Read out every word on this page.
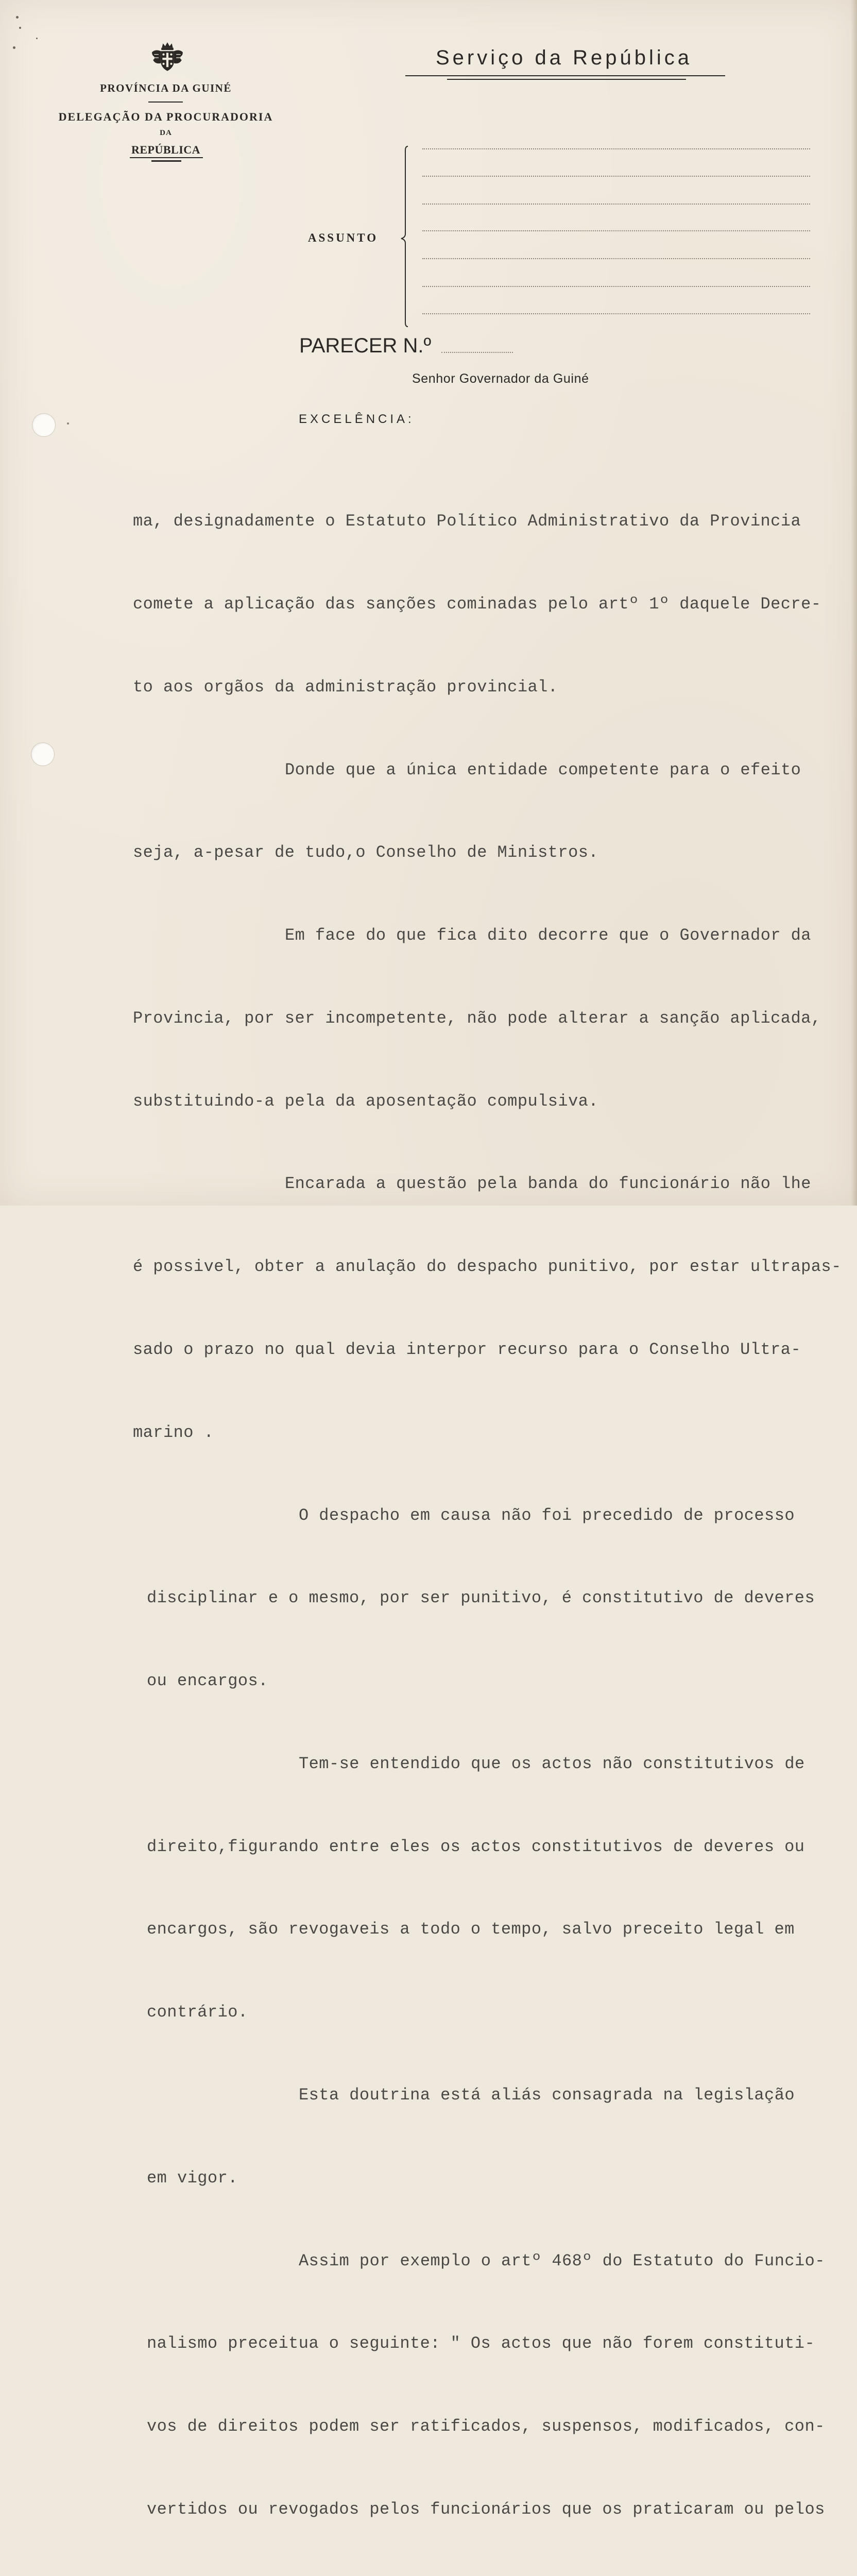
PROVÍNCIA DA GUINÉ
DELEGAÇÃO DA PROCURADORIA
DA
REPÚBLICA
Serviço da República
ASSUNTO
PARECER N.º
Senhor Governador da Guiné
EXCELÊNCIA:

ma, designadamente o Estatuto Político Administrativo da Provincia

comete a aplicação das sanções cominadas pelo artº 1º daquele Decre-

to aos orgãos da administração provincial.

Donde que a única entidade competente para o efeito

seja, a-pesar de tudo,o Conselho de Ministros.

Em face do que fica dito decorre que o Governador da

Provincia, por ser incompetente, não pode alterar a sanção aplicada,

substituindo-a pela da aposentação compulsiva.

Encarada a questão pela banda do funcionário não lhe

é possivel, obter a anulação do despacho punitivo, por estar ultrapas-

sado o prazo no qual devia interpor recurso para o Conselho Ultra-

marino .

O despacho em causa não foi precedido de processo

disciplinar e o mesmo, por ser punitivo, é constitutivo de deveres

ou encargos.

Tem-se entendido que os actos não constitutivos de

direito,figurando entre eles os actos constitutivos de deveres ou

encargos, são revogaveis a todo o tempo, salvo preceito legal em

contrário.

Esta doutrina está aliás consagrada na legislação

em vigor.

Assim por exemplo o artº 468º do Estatuto do Funcio-

nalismo preceitua o seguinte: " Os actos que não forem constituti-

vos de direitos podem ser ratificados, suspensos, modificados, con-

vertidos ou revogados pelos funcionários que os praticaram ou pelos
